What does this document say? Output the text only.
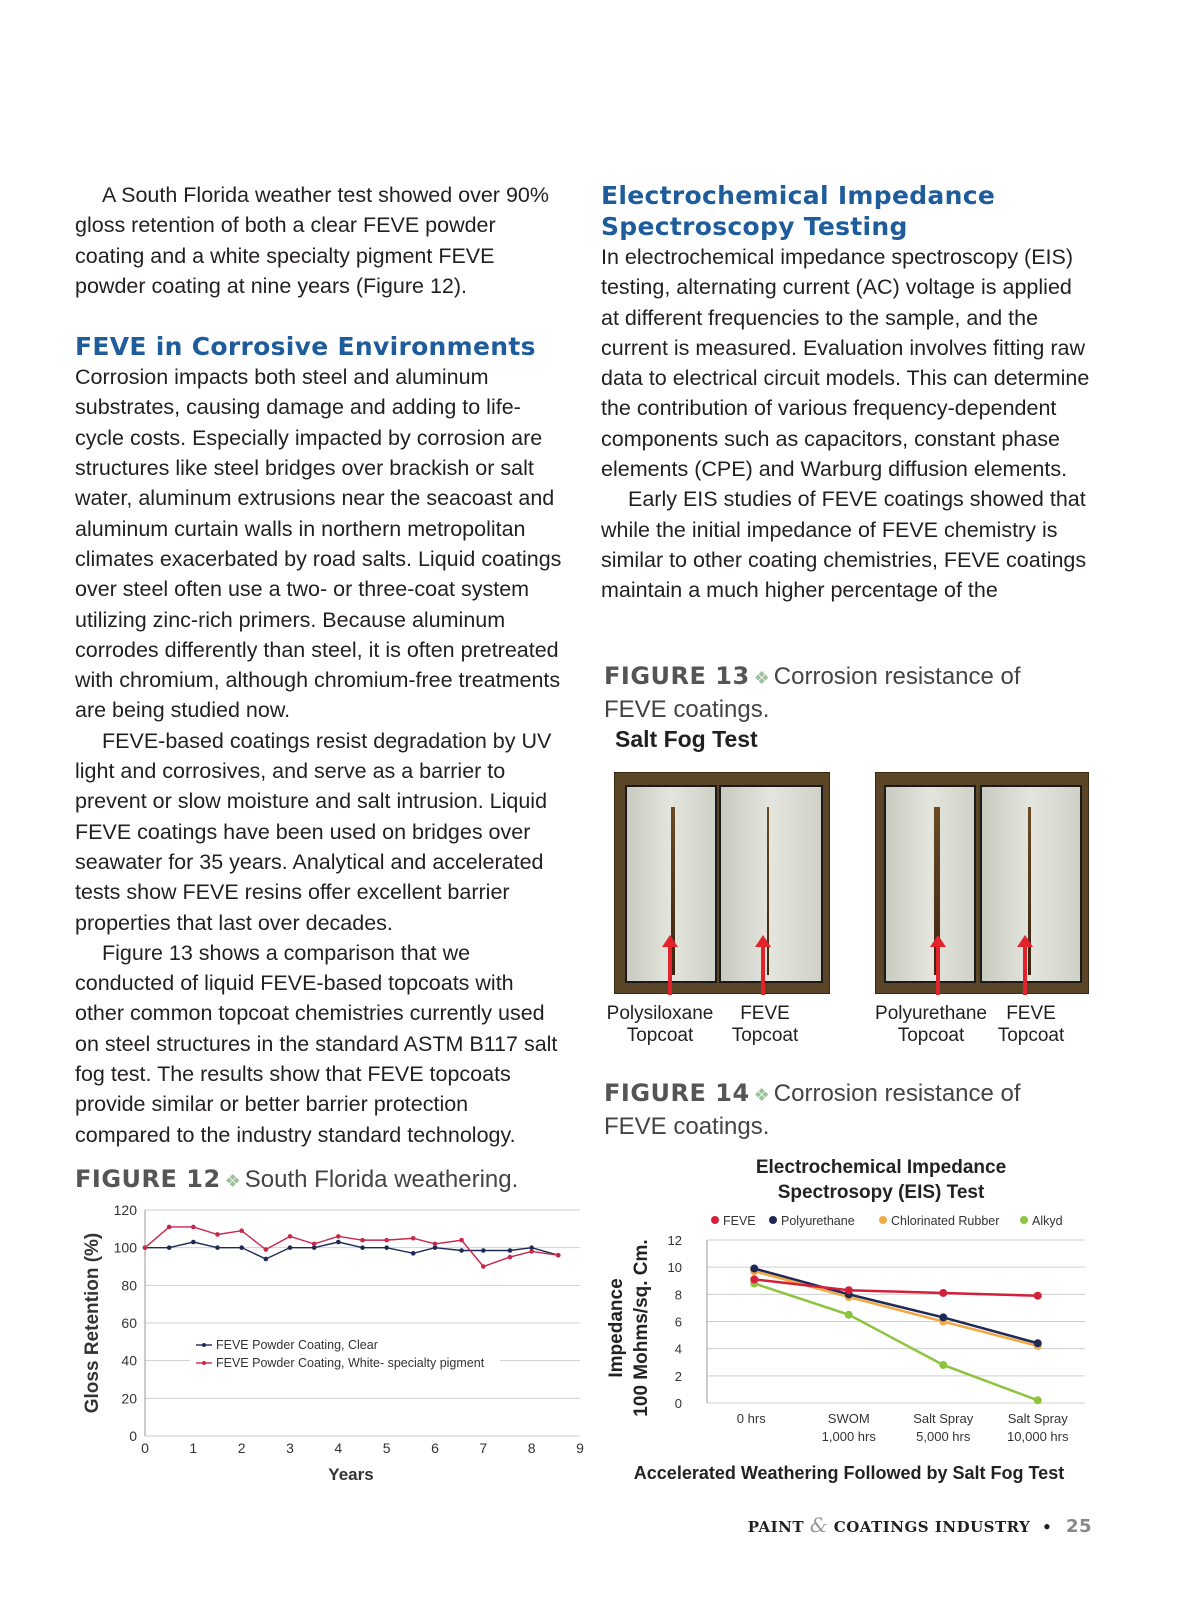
A South Florida weather test showed over 90% gloss retention of both a clear FEVE powder coating and a white specialty pigment FEVE powder coating at nine years (Figure 12).

FEVE in Corrosive Environments

Corrosion impacts both steel and aluminum substrates, causing damage and adding to life-cycle costs. Especially impacted by corrosion are structures like steel bridges over brackish or salt water, aluminum extrusions near the seacoast and aluminum curtain walls in northern metropolitan climates exacerbated by road salts. Liquid coatings over steel often use a two- or three-coat system utilizing zinc-rich primers. Because aluminum corrodes differently than steel, it is often pretreated with chromium, although chromium-free treatments are being studied now.

FEVE-based coatings resist degradation by UV light and corrosives, and serve as a barrier to prevent or slow moisture and salt intrusion. Liquid FEVE coatings have been used on bridges over seawater for 35 years. Analytical and accelerated tests show FEVE resins offer excellent barrier properties that last over decades.

Figure 13 shows a comparison that we conducted of liquid FEVE-based topcoats with other common topcoat chemistries currently used on steel structures in the standard ASTM B117 salt fog test. The results show that FEVE topcoats provide similar or better barrier protection compared to the industry standard technology.

Electrochemical Impedance Spectroscopy Testing

In electrochemical impedance spectroscopy (EIS) testing, alternating current (AC) voltage is applied at different frequencies to the sample, and the current is measured. Evaluation involves fitting raw data to electrical circuit models. This can determine the contribution of various frequency-dependent components such as capacitors, constant phase elements (CPE) and Warburg diffusion elements.

Early EIS studies of FEVE coatings showed that while the initial impedance of FEVE chemistry is similar to other coating chemistries, FEVE coatings maintain a much higher percentage of the

FIGURE 13 ❖ Corrosion resistance of FEVE coatings.
Salt Fog Test
Polysiloxane Topcoat
FEVE Topcoat
Polyurethane Topcoat
FEVE Topcoat
FIGURE 14 ❖ Corrosion resistance of FEVE coatings.
FIGURE 12 ❖ South Florida weathering.
0
20
40
60
80
100
120
0	1	2	3	4	5	6	7	8	9
Years
Gloss Retention (%)	FEVE Powder Coating, Clear
FEVE Powder Coating, White- specialty pigment
Electrochemical Impedance
Spectrosopy (EIS) Test
0
2
4
6
8
10
12
0 hrs	SWOM
1,000 hrs
Salt Spray
5,000 hrs
Salt Spray
10,000 hrs
Impedance 100 Mohms/sq. Cm.
Accelerated Weathering Followed by Salt Fog Test
FEVE Polyurethane	Chlorinated Rubber	Alkyd
PAINT & COATINGS INDUSTRY • 25
